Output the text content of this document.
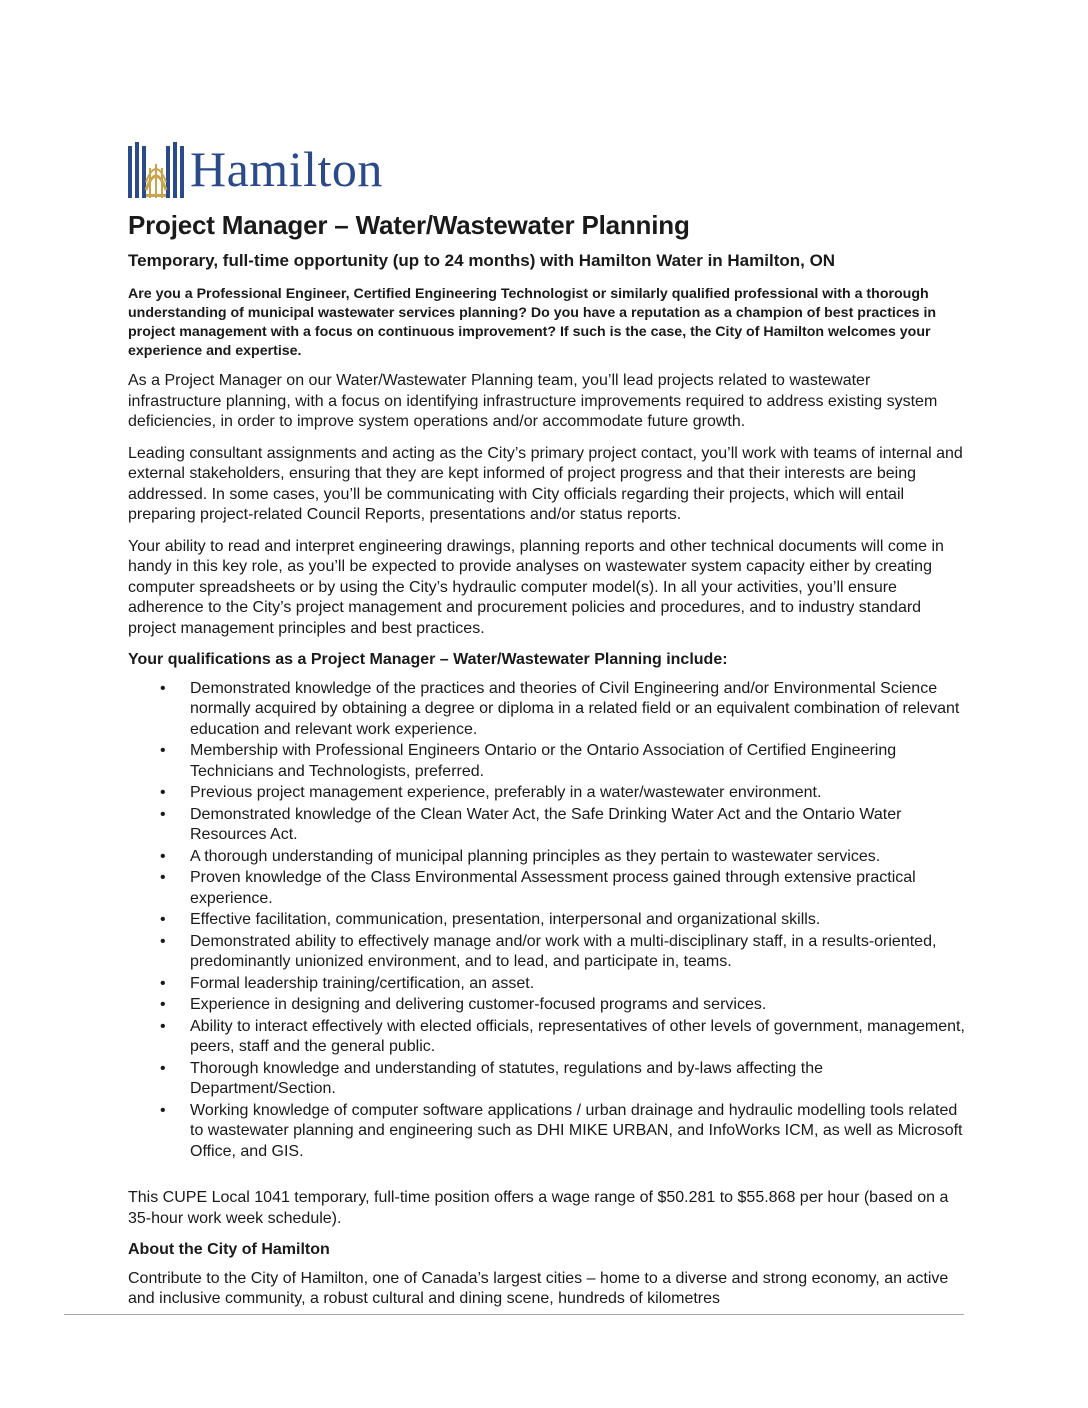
Hamilton
Project Manager – Water/Wastewater Planning
Temporary, full-time opportunity (up to 24 months) with Hamilton Water in Hamilton, ON

Are you a Professional Engineer, Certified Engineering Technologist or similarly qualified professional with a thorough understanding of municipal wastewater services planning? Do you have a reputation as a champion of best practices in project management with a focus on continuous improvement? If such is the case, the City of Hamilton welcomes your experience and expertise.

As a Project Manager on our Water/Wastewater Planning team, you’ll lead projects related to wastewater infrastructure planning, with a focus on identifying infrastructure improvements required to address existing system deficiencies, in order to improve system operations and/or accommodate future growth.

Leading consultant assignments and acting as the City’s primary project contact, you’ll work with teams of internal and external stakeholders, ensuring that they are kept informed of project progress and that their interests are being addressed. In some cases, you’ll be communicating with City officials regarding their projects, which will entail preparing project-related Council Reports, presentations and/or status reports.

Your ability to read and interpret engineering drawings, planning reports and other technical documents will come in handy in this key role, as you’ll be expected to provide analyses on wastewater system capacity either by creating computer spreadsheets or by using the City’s hydraulic computer model(s). In all your activities, you’ll ensure adherence to the City’s project management and procurement policies and procedures, and to industry standard project management principles and best practices.

Your qualifications as a Project Manager – Water/Wastewater Planning include:

• Demonstrated knowledge of the practices and theories of Civil Engineering and/or Environmental Science normally acquired by obtaining a degree or diploma in a related field or an equivalent combination of relevant education and relevant work experience.
• Membership with Professional Engineers Ontario or the Ontario Association of Certified Engineering Technicians and Technologists, preferred.
• Previous project management experience, preferably in a water/wastewater environment.
• Demonstrated knowledge of the Clean Water Act, the Safe Drinking Water Act and the Ontario Water Resources Act.
• A thorough understanding of municipal planning principles as they pertain to wastewater services.
• Proven knowledge of the Class Environmental Assessment process gained through extensive practical experience.
• Effective facilitation, communication, presentation, interpersonal and organizational skills.
• Demonstrated ability to effectively manage and/or work with a multi-disciplinary staff, in a results-oriented, predominantly unionized environment, and to lead, and participate in, teams.
• Formal leadership training/certification, an asset.
• Experience in designing and delivering customer-focused programs and services.
• Ability to interact effectively with elected officials, representatives of other levels of government, management, peers, staff and the general public.
• Thorough knowledge and understanding of statutes, regulations and by-laws affecting the Department/Section.
• Working knowledge of computer software applications / urban drainage and hydraulic modelling tools related to wastewater planning and engineering such as DHI MIKE URBAN, and InfoWorks ICM, as well as Microsoft Office, and GIS.

This CUPE Local 1041 temporary, full-time position offers a wage range of $50.281 to $55.868 per hour (based on a 35-hour work week schedule).

About the City of Hamilton

Contribute to the City of Hamilton, one of Canada’s largest cities – home to a diverse and strong economy, an active and inclusive community, a robust cultural and dining scene, hundreds of kilometres
